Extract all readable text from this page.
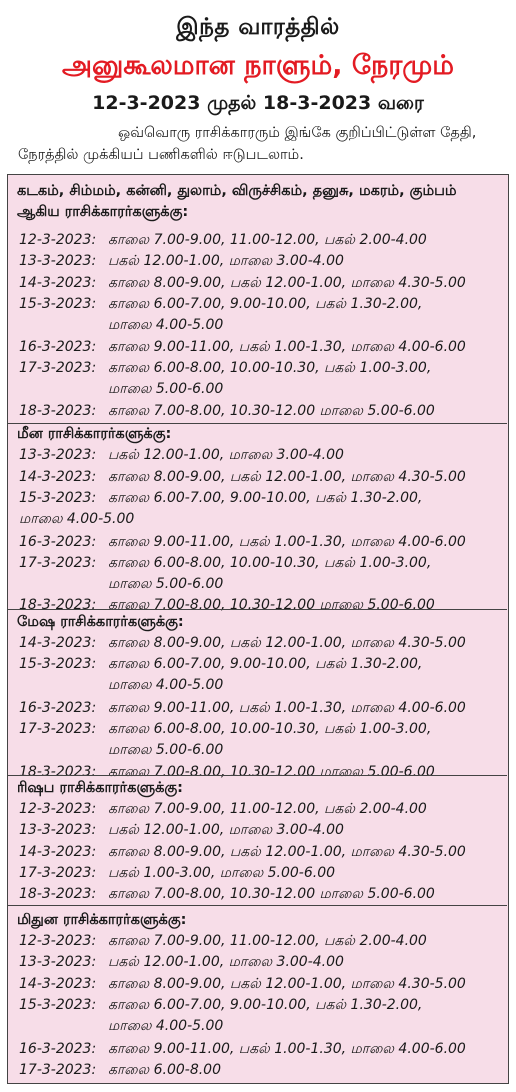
இந்த வாரத்தில்
அனுகூலமான நாளும், நேரமும்
12-3-2023 முதல் 18-3-2023 வரை
ஒவ்வொரு ராசிக்காரரும் இங்கே குறிப்பிட்டுள்ள தேதி, நேரத்தில் முக்கியப் பணிகளில் ஈடுபடலாம்.
கடகம், சிம்மம், கன்னி, துலாம், விருச்சிகம், தனுசு, மகரம், கும்பம்
ஆகிய ராசிக்காரர்களுக்கு:
12-3-2023: காலை 7.00-9.00, 11.00-12.00, பகல் 2.00-4.00
13-3-2023: பகல் 12.00-1.00, மாலை 3.00-4.00
14-3-2023: காலை 8.00-9.00, பகல் 12.00-1.00, மாலை 4.30-5.00
15-3-2023: காலை 6.00-7.00, 9.00-10.00, பகல் 1.30-2.00,
மாலை 4.00-5.00
16-3-2023: காலை 9.00-11.00, பகல் 1.00-1.30, மாலை 4.00-6.00
17-3-2023: காலை 6.00-8.00, 10.00-10.30, பகல் 1.00-3.00,
மாலை 5.00-6.00
18-3-2023: காலை 7.00-8.00, 10.30-12.00 மாலை 5.00-6.00
மீன ராசிக்காரர்களுக்கு:
13-3-2023: பகல் 12.00-1.00, மாலை 3.00-4.00
14-3-2023: காலை 8.00-9.00, பகல் 12.00-1.00, மாலை 4.30-5.00
15-3-2023: காலை 6.00-7.00, 9.00-10.00, பகல் 1.30-2.00,
மாலை 4.00-5.00
16-3-2023: காலை 9.00-11.00, பகல் 1.00-1.30, மாலை 4.00-6.00
17-3-2023: காலை 6.00-8.00, 10.00-10.30, பகல் 1.00-3.00,
மாலை 5.00-6.00
18-3-2023: காலை 7.00-8.00, 10.30-12.00 மாலை 5.00-6.00
மேஷ ராசிக்காரர்களுக்கு:
14-3-2023: காலை 8.00-9.00, பகல் 12.00-1.00, மாலை 4.30-5.00
15-3-2023: காலை 6.00-7.00, 9.00-10.00, பகல் 1.30-2.00,
மாலை 4.00-5.00
16-3-2023: காலை 9.00-11.00, பகல் 1.00-1.30, மாலை 4.00-6.00
17-3-2023: காலை 6.00-8.00, 10.00-10.30, பகல் 1.00-3.00,
மாலை 5.00-6.00
18-3-2023: காலை 7.00-8.00, 10.30-12.00 மாலை 5.00-6.00
ரிஷப ராசிக்காரர்களுக்கு:
12-3-2023: காலை 7.00-9.00, 11.00-12.00, பகல் 2.00-4.00
13-3-2023: பகல் 12.00-1.00, மாலை 3.00-4.00
14-3-2023: காலை 8.00-9.00, பகல் 12.00-1.00, மாலை 4.30-5.00
17-3-2023: பகல் 1.00-3.00, மாலை 5.00-6.00
18-3-2023: காலை 7.00-8.00, 10.30-12.00 மாலை 5.00-6.00
மிதுன ராசிக்காரர்களுக்கு:
12-3-2023: காலை 7.00-9.00, 11.00-12.00, பகல் 2.00-4.00
13-3-2023: பகல் 12.00-1.00, மாலை 3.00-4.00
14-3-2023: காலை 8.00-9.00, பகல் 12.00-1.00, மாலை 4.30-5.00
15-3-2023: காலை 6.00-7.00, 9.00-10.00, பகல் 1.30-2.00,
மாலை 4.00-5.00
16-3-2023: காலை 9.00-11.00, பகல் 1.00-1.30, மாலை 4.00-6.00
17-3-2023: காலை 6.00-8.00
